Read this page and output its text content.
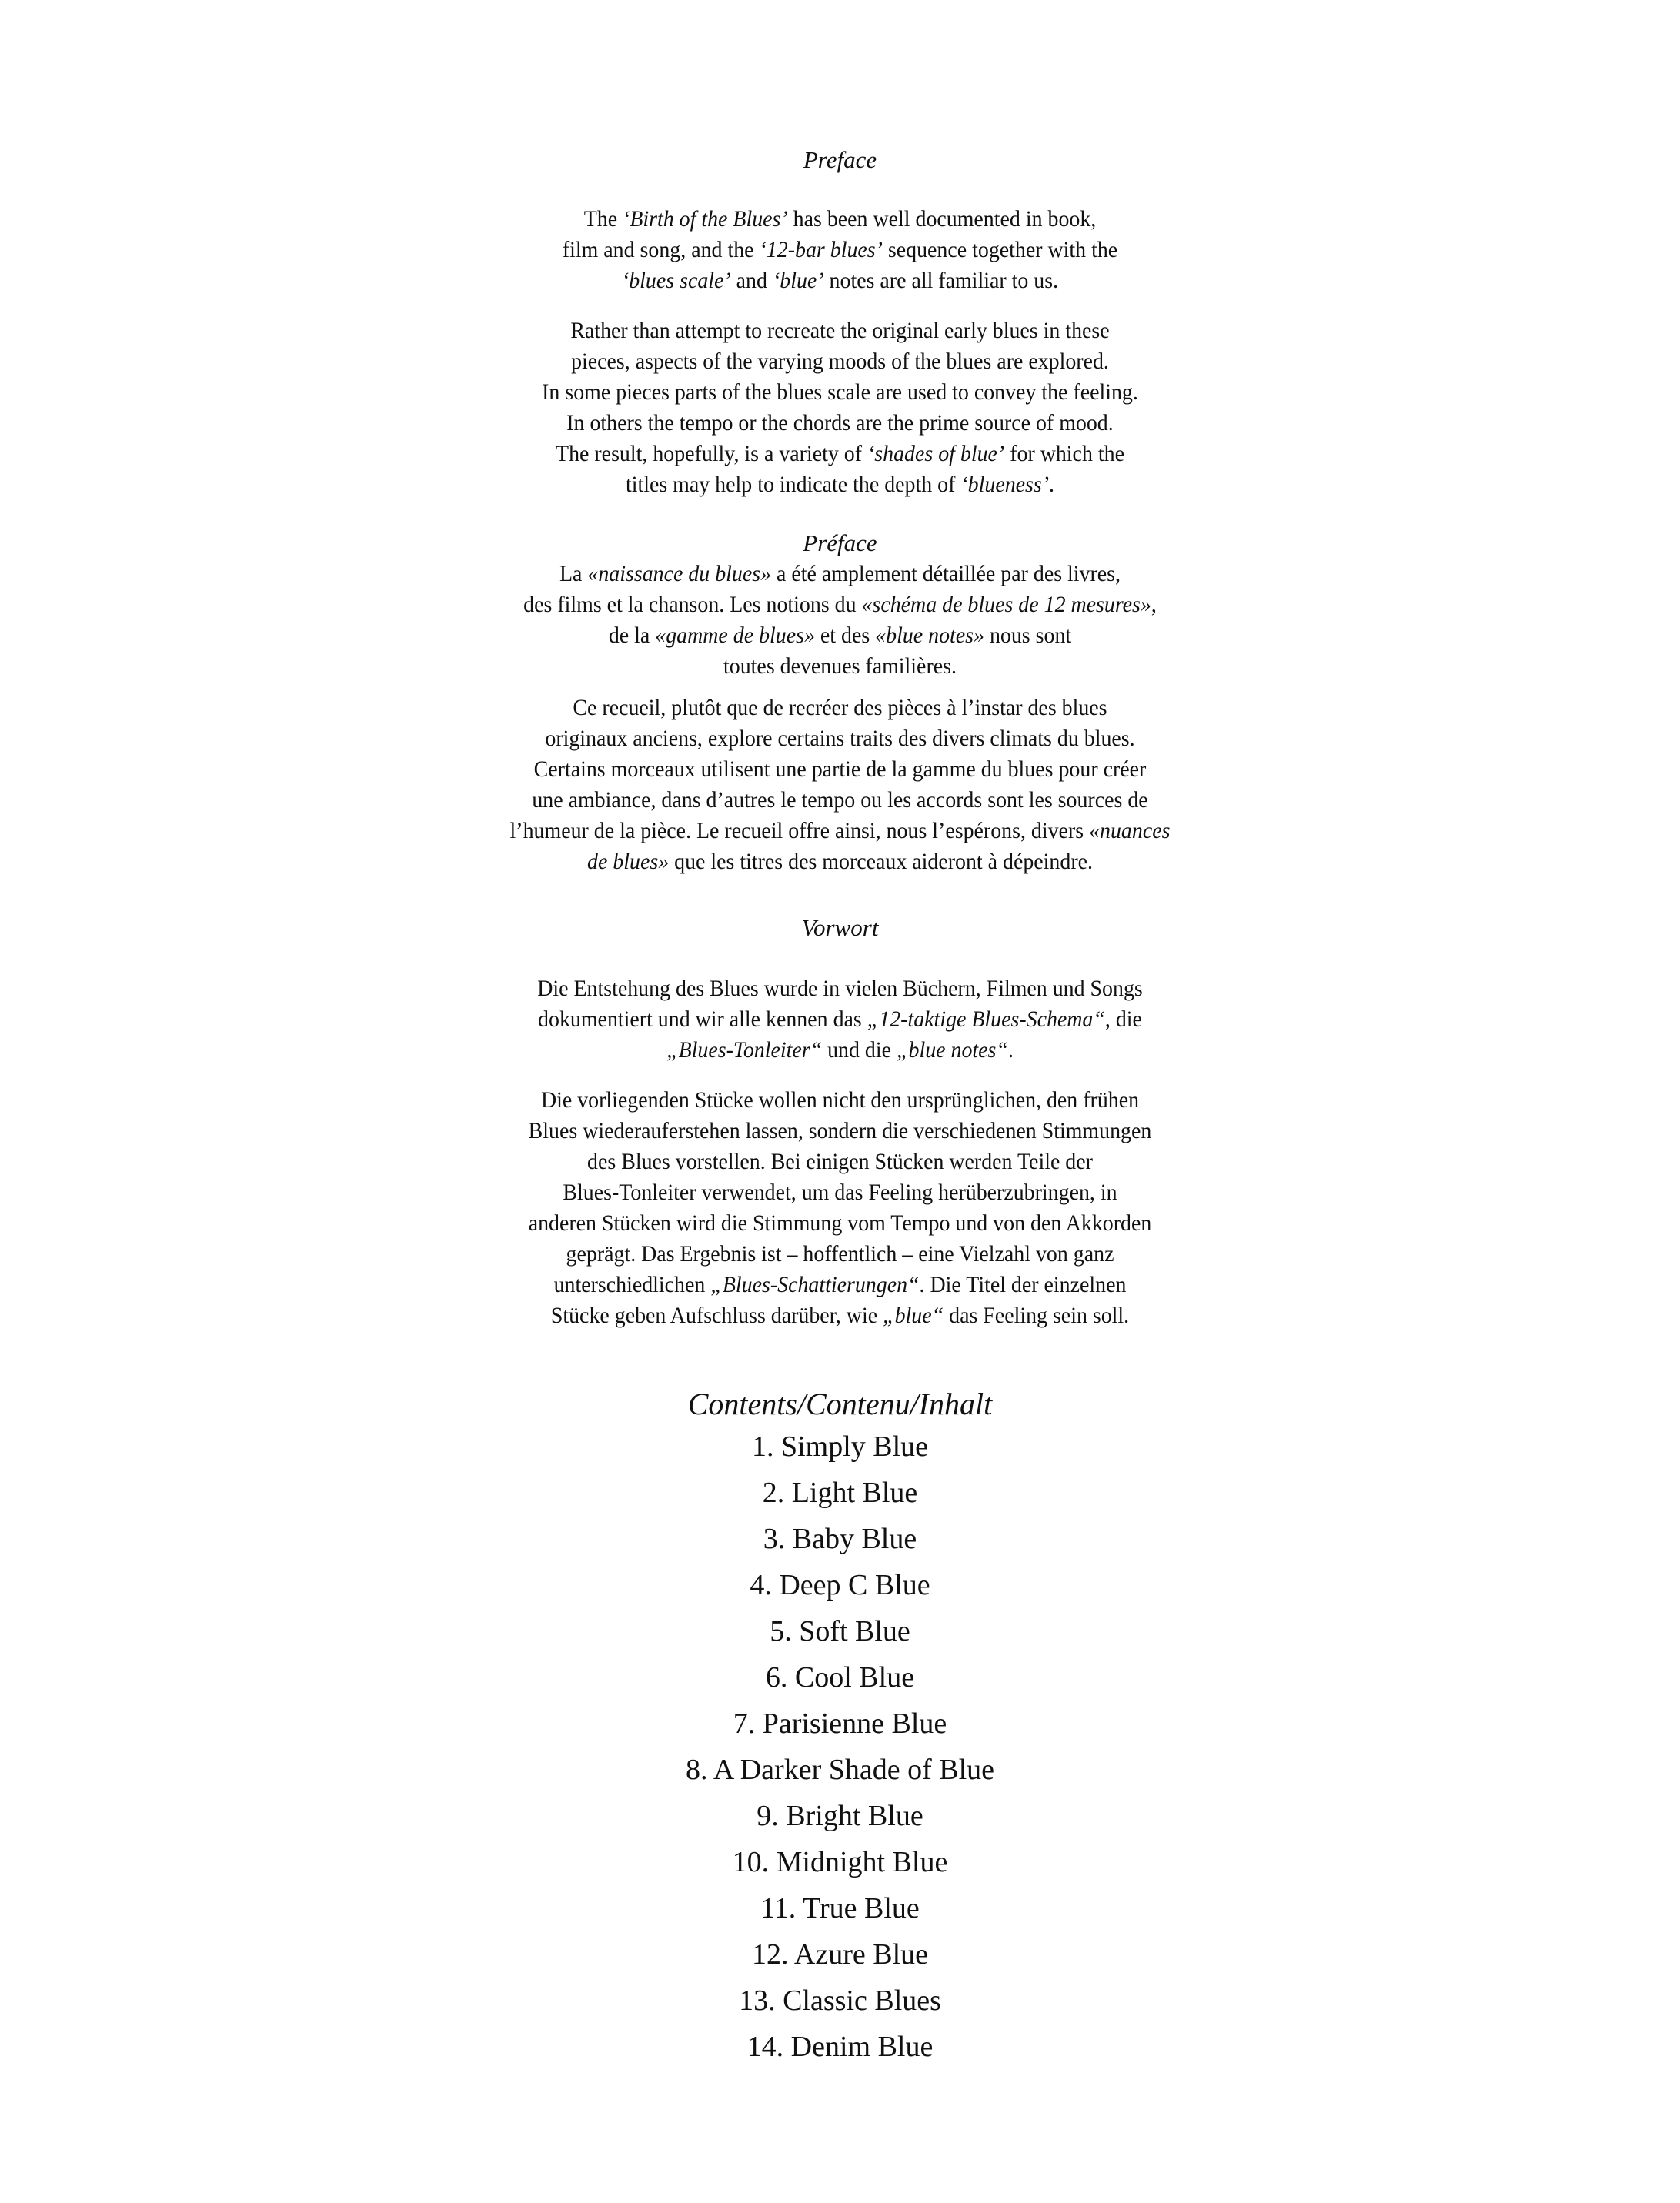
Preface
The ‘Birth of the Blues’ has been well documented in book,
film and song, and the ‘12-bar blues’ sequence together with the
‘blues scale’ and ‘blue’ notes are all familiar to us.
Rather than attempt to recreate the original early blues in these
pieces, aspects of the varying moods of the blues are explored.
In some pieces parts of the blues scale are used to convey the feeling.
In others the tempo or the chords are the prime source of mood.
The result, hopefully, is a variety of ‘shades of blue’ for which the
titles may help to indicate the depth of ‘blueness’.
Préface
La «naissance du blues» a été amplement détaillée par des livres,
des films et la chanson. Les notions du «schéma de blues de 12 mesures»,
de la «gamme de blues» et des «blue notes» nous sont
toutes devenues familières.
Ce recueil, plutôt que de recréer des pièces à l’instar des blues
originaux anciens, explore certains traits des divers climats du blues.
Certains morceaux utilisent une partie de la gamme du blues pour créer
une ambiance, dans d’autres le tempo ou les accords sont les sources de
l’humeur de la pièce. Le recueil offre ainsi, nous l’espérons, divers «nuances
de blues» que les titres des morceaux aideront à dépeindre.
Vorwort
Die Entstehung des Blues wurde in vielen Büchern, Filmen und Songs
dokumentiert und wir alle kennen das „12-taktige Blues-Schema“, die
„Blues-Tonleiter“ und die „blue notes“.
Die vorliegenden Stücke wollen nicht den ursprünglichen, den frühen
Blues wiederauferstehen lassen, sondern die verschiedenen Stimmungen
des Blues vorstellen. Bei einigen Stücken werden Teile der
Blues-Tonleiter verwendet, um das Feeling herüberzubringen, in
anderen Stücken wird die Stimmung vom Tempo und von den Akkorden
geprägt. Das Ergebnis ist – hoffentlich – eine Vielzahl von ganz
unterschiedlichen „Blues-Schattierungen“. Die Titel der einzelnen
Stücke geben Aufschluss darüber, wie „blue“ das Feeling sein soll.
Contents/Contenu/Inhalt
1. Simply Blue
2. Light Blue
3. Baby Blue
4. Deep C Blue
5. Soft Blue
6. Cool Blue
7. Parisienne Blue
8. A Darker Shade of Blue
9. Bright Blue
10. Midnight Blue
11. True Blue
12. Azure Blue
13. Classic Blues
14. Denim Blue
